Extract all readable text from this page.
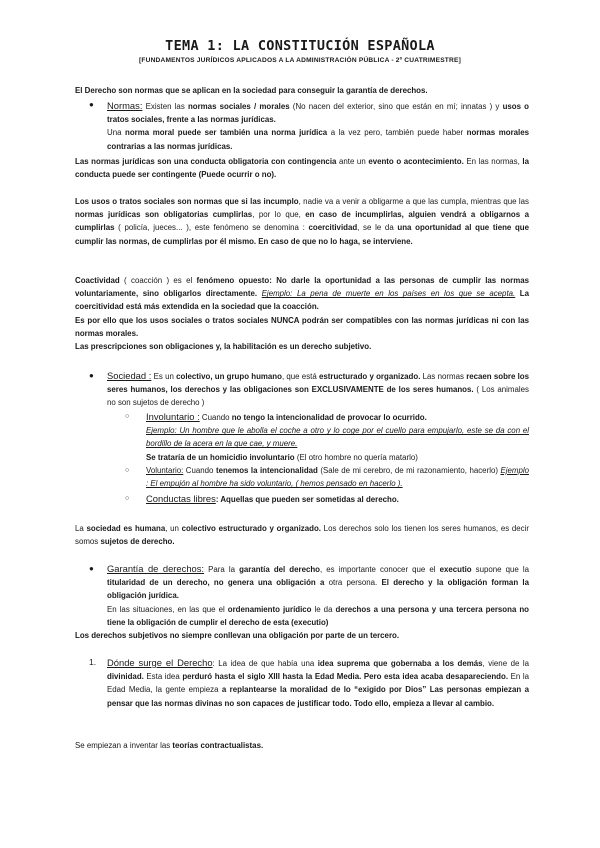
TEMA 1: LA CONSTITUCIÓN ESPAÑOLA
[FUNDAMENTOS JURÍDICOS APLICADOS A LA ADMINISTRACIÓN PÚBLICA - 2º CUATRIMESTRE]

El Derecho son normas que se aplican en la sociedad para conseguir la garantía de derechos.

● Normas: Existen las normas sociales / morales (No nacen del exterior, sino que están en mí; innatas ) y usos o tratos sociales, frente a las normas jurídicas.
Una norma moral puede ser también una norma jurídica a la vez pero, también puede haber normas morales contrarias a las normas jurídicas.

Las normas jurídicas son una conducta obligatoria con contingencia ante un evento o acontecimiento. En las normas, la conducta puede ser contingente (Puede ocurrir o no).

Los usos o tratos sociales son normas que si las incumplo, nadie va a venir a obligarme a que las cumpla, mientras que las normas jurídicas son obligatorias cumplirlas, por lo que, en caso de incumplirlas, alguien vendrá a obligarnos a cumplirlas ( policía, jueces... ), este fenómeno se denomina : coercitividad, se le da una oportunidad al que tiene que cumplir las normas, de cumplirlas por él mismo. En caso de que no lo haga, se interviene.

Coactividad ( coacción ) es el fenómeno opuesto: No darle la oportunidad a las personas de cumplir las normas voluntariamente, sino obligarlos directamente. Ejemplo: La pena de muerte en los países en los que se acepta. La coercitividad está más extendida en la sociedad que la coacción.
Es por ello que los usos sociales o tratos sociales NUNCA podrán ser compatibles con las normas jurídicas ni con las normas morales.
Las prescripciones son obligaciones y, la habilitación es un derecho subjetivo.

● Sociedad : Es un colectivo, un grupo humano, que está estructurado y organizado. Las normas recaen sobre los seres humanos, los derechos y las obligaciones son EXCLUSIVAMENTE de los seres humanos. ( Los animales no son sujetos de derecho )

○ Involuntario : Cuando no tengo la intencionalidad de provocar lo ocurrido.
Ejemplo: Un hombre que le abolla el coche a otro y lo coge por el cuello para empujarlo, este se da con el bordillo de la acera en la que cae, y muere.
Se trataría de un homicidio involuntario (El otro hombre no quería matarlo)

○ Voluntario: Cuando tenemos la intencionalidad (Sale de mi cerebro, de mi razonamiento, hacerlo) Ejemplo : El empujón al hombre ha sido voluntario, ( hemos pensado en hacerlo ).

○ Conductas libres: Aquellas que pueden ser sometidas al derecho.

La sociedad es humana, un colectivo estructurado y organizado. Los derechos solo los tienen los seres humanos, es decir somos sujetos de derecho.

● Garantía de derechos: Para la garantía del derecho, es importante conocer que el executio supone que la titularidad de un derecho, no genera una obligación a otra persona. El derecho y la obligación forman la obligación jurídica.
En las situaciones, en las que el ordenamiento jurídico le da derechos a una persona y una tercera persona no tiene la obligación de cumplir el derecho de esta (executio)

Los derechos subjetivos no siempre conllevan una obligación por parte de un tercero.

1. Dónde surge el Derecho: La idea de que había una idea suprema que gobernaba a los demás, viene de la divinidad. Esta idea perduró hasta el siglo XIII hasta la Edad Media. Pero esta idea acaba desapareciendo. En la Edad Media, la gente empieza a replantearse la moralidad de lo “exigido por Dios” Las personas empiezan a pensar que las normas divinas no son capaces de justificar todo. Todo ello, empieza a llevar al cambio.

Se empiezan a inventar las teorías contractualistas.
